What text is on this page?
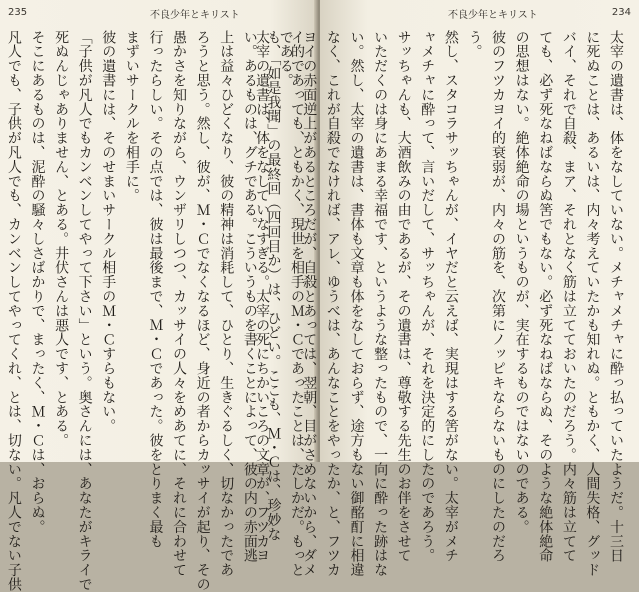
235	不良少年とキリスト
イ的であっても、ともかく、現世を相手のＭ・Ｃであったことは、たしかだ。もっと
も、「如是我聞」の最終回（四回目か）は、ひどい。ここも、Ｍ・Ｃは、珍妙な
い。あるものは、グチである。こういうものを書くことによって、彼の内の赤面逃
上は益々ひどくなり、彼の精神は消耗して、ひとり、生きぐるしく、切なかったであ
ろうと思う。然し、彼が、Ｍ・Ｃでなくなるほど、身近の者からカッサイが起り、その
愚かさを知りながら、ウンザリしつつ、カッサイの人々をめあてに、それに合わせて
行ったらしい。その点では、彼は最後まで、Ｍ・Ｃであった。彼をとりまく最も
まずいサークルを相手に。
彼の遺書には、そのせまいサークル相手のＭ・Ｃすらもない。
「子供が凡人でもカンベンしてやって下さい」という。奥さんには、あなたがキライで
死ぬんじゃありません、とある。井伏さんは悪人です、とある。
そこにあるものは、泥酔の騒々しさばかりで、まったく、Ｍ・Ｃは、おらぬ。
凡人でも、子供が凡人でも、カンベンしてやってくれ、とは、切ない。凡人でない子供
不良少年とキリスト	234
太宰の遺書は、体をなしていない。メチャメチャに酔っ払っていたようだ。十三日
に死ぬことは、あるいは、内々考えていたかも知れぬ。ともかく、人間失格、グッド
バイ、それで自殺、まア、それとなく筋は立てておいたのだろう。内々筋は立てて
ても、必ず死なねばならぬ筈でもない。必ず死なねばならぬ、そのような絶体絶命
の思想はない。絶体絶命の場というものが、実在するものではないのである。
彼のフツカヨイ的衰弱が、内々の筋を、次第にノッピキならないものにしたのだろ
う。
然し、スタコラサッちゃんが、イヤだと云えば、実現はする筈がない。太宰がメチ
ャメチャに酔って、言いだして、サッちゃんが、それを決定的にしたのであろう。
サッちゃんも、大酒飲みの由であるが、その遺書は、尊敬する先生のお伴をさせて
いただくのは身にあまる幸福です、というような整ったもので、一向に酔った跡はな
い。然し、太宰の遺書は、書体も文章も体をなしておらず、途方もない御酩酊に相違
なく、これが自殺でなければ、アレ、ゆうべは、あんなことをやったか、と、フツカ
ヨイの赤面逆上があるところだが、自殺とあっては、翌朝、目がさめないから、ダメ
である。
太宰の遺書は、体をなしていなすぎる。太宰の死にちかいころの文章が、フツカヨ
